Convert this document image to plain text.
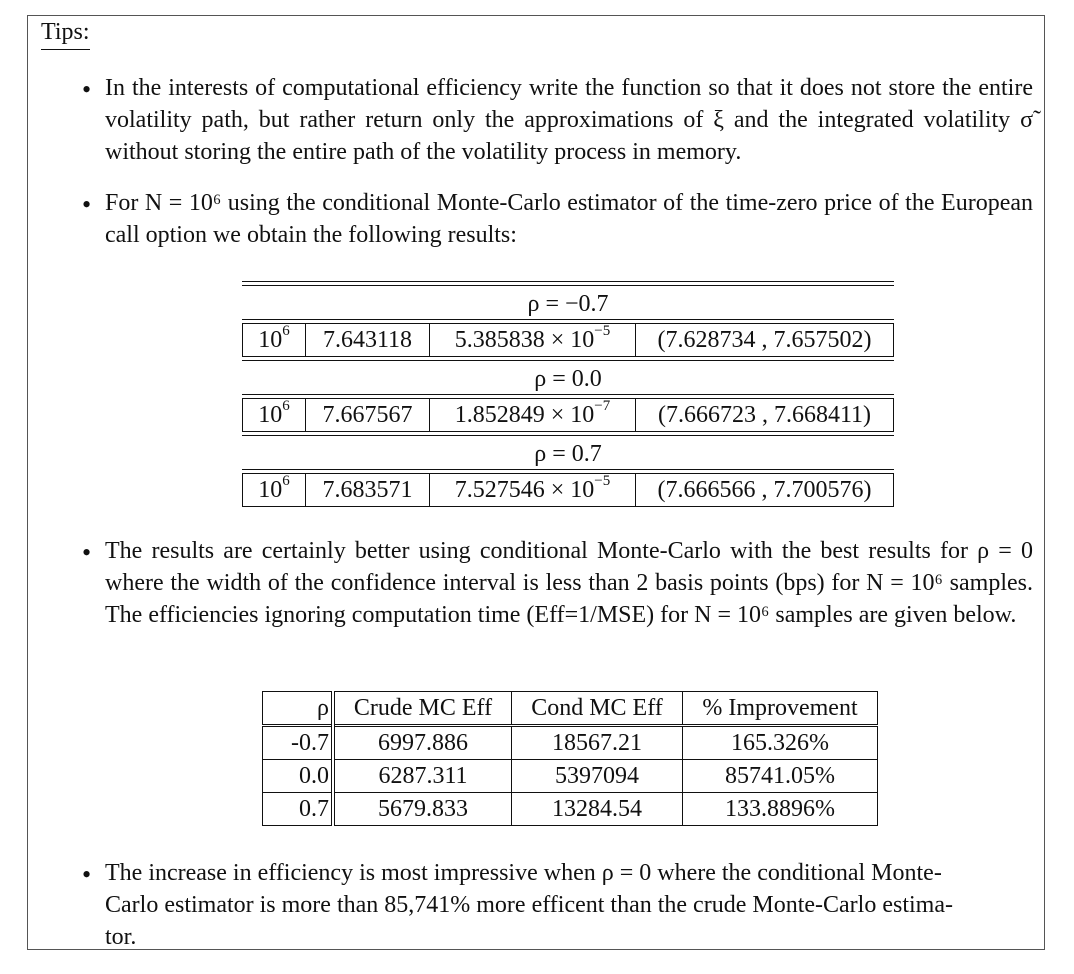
Tips:
• In the interests of computational efficiency write the function so that it does not store the entire volatility path, but rather return only the approximations of ξ and the integrated volatility σ̃ without storing the entire path of the volatility process in memory.
• For N = 10⁶ using the conditional Monte-Carlo estimator of the time-zero price of the European call option we obtain the following results:
ρ = −0.7
$10^6$	7.643118	$5.385838 \times 10^{-5}$	(7.628734 , 7.657502)
ρ = 0.0
$10^6$	7.667567	$1.852849 \times 10^{-7}$	(7.666723 , 7.668411)
ρ = 0.7
$10^6$	7.683571	$7.527546 \times 10^{-5}$	(7.666566 , 7.700576)
• The results are certainly better using conditional Monte-Carlo with the best results for ρ = 0 where the width of the confidence interval is less than 2 basis points (bps) for N = 10⁶ samples. The efficiencies ignoring computation time (Eff=1/MSE) for N = 10⁶ samples are given below.
ρ	Crude MC Eff	Cond MC Eff	% Improvement
-0.7	6997.886	18567.21	165.326%
0.0	6287.311	5397094	85741.05%
0.7	5679.833	13284.54	133.8896%
• The increase in efficiency is most impressive when ρ = 0 where the conditional Monte-
Carlo estimator is more than 85,741% more efficent than the crude Monte-Carlo estima-
tor.
